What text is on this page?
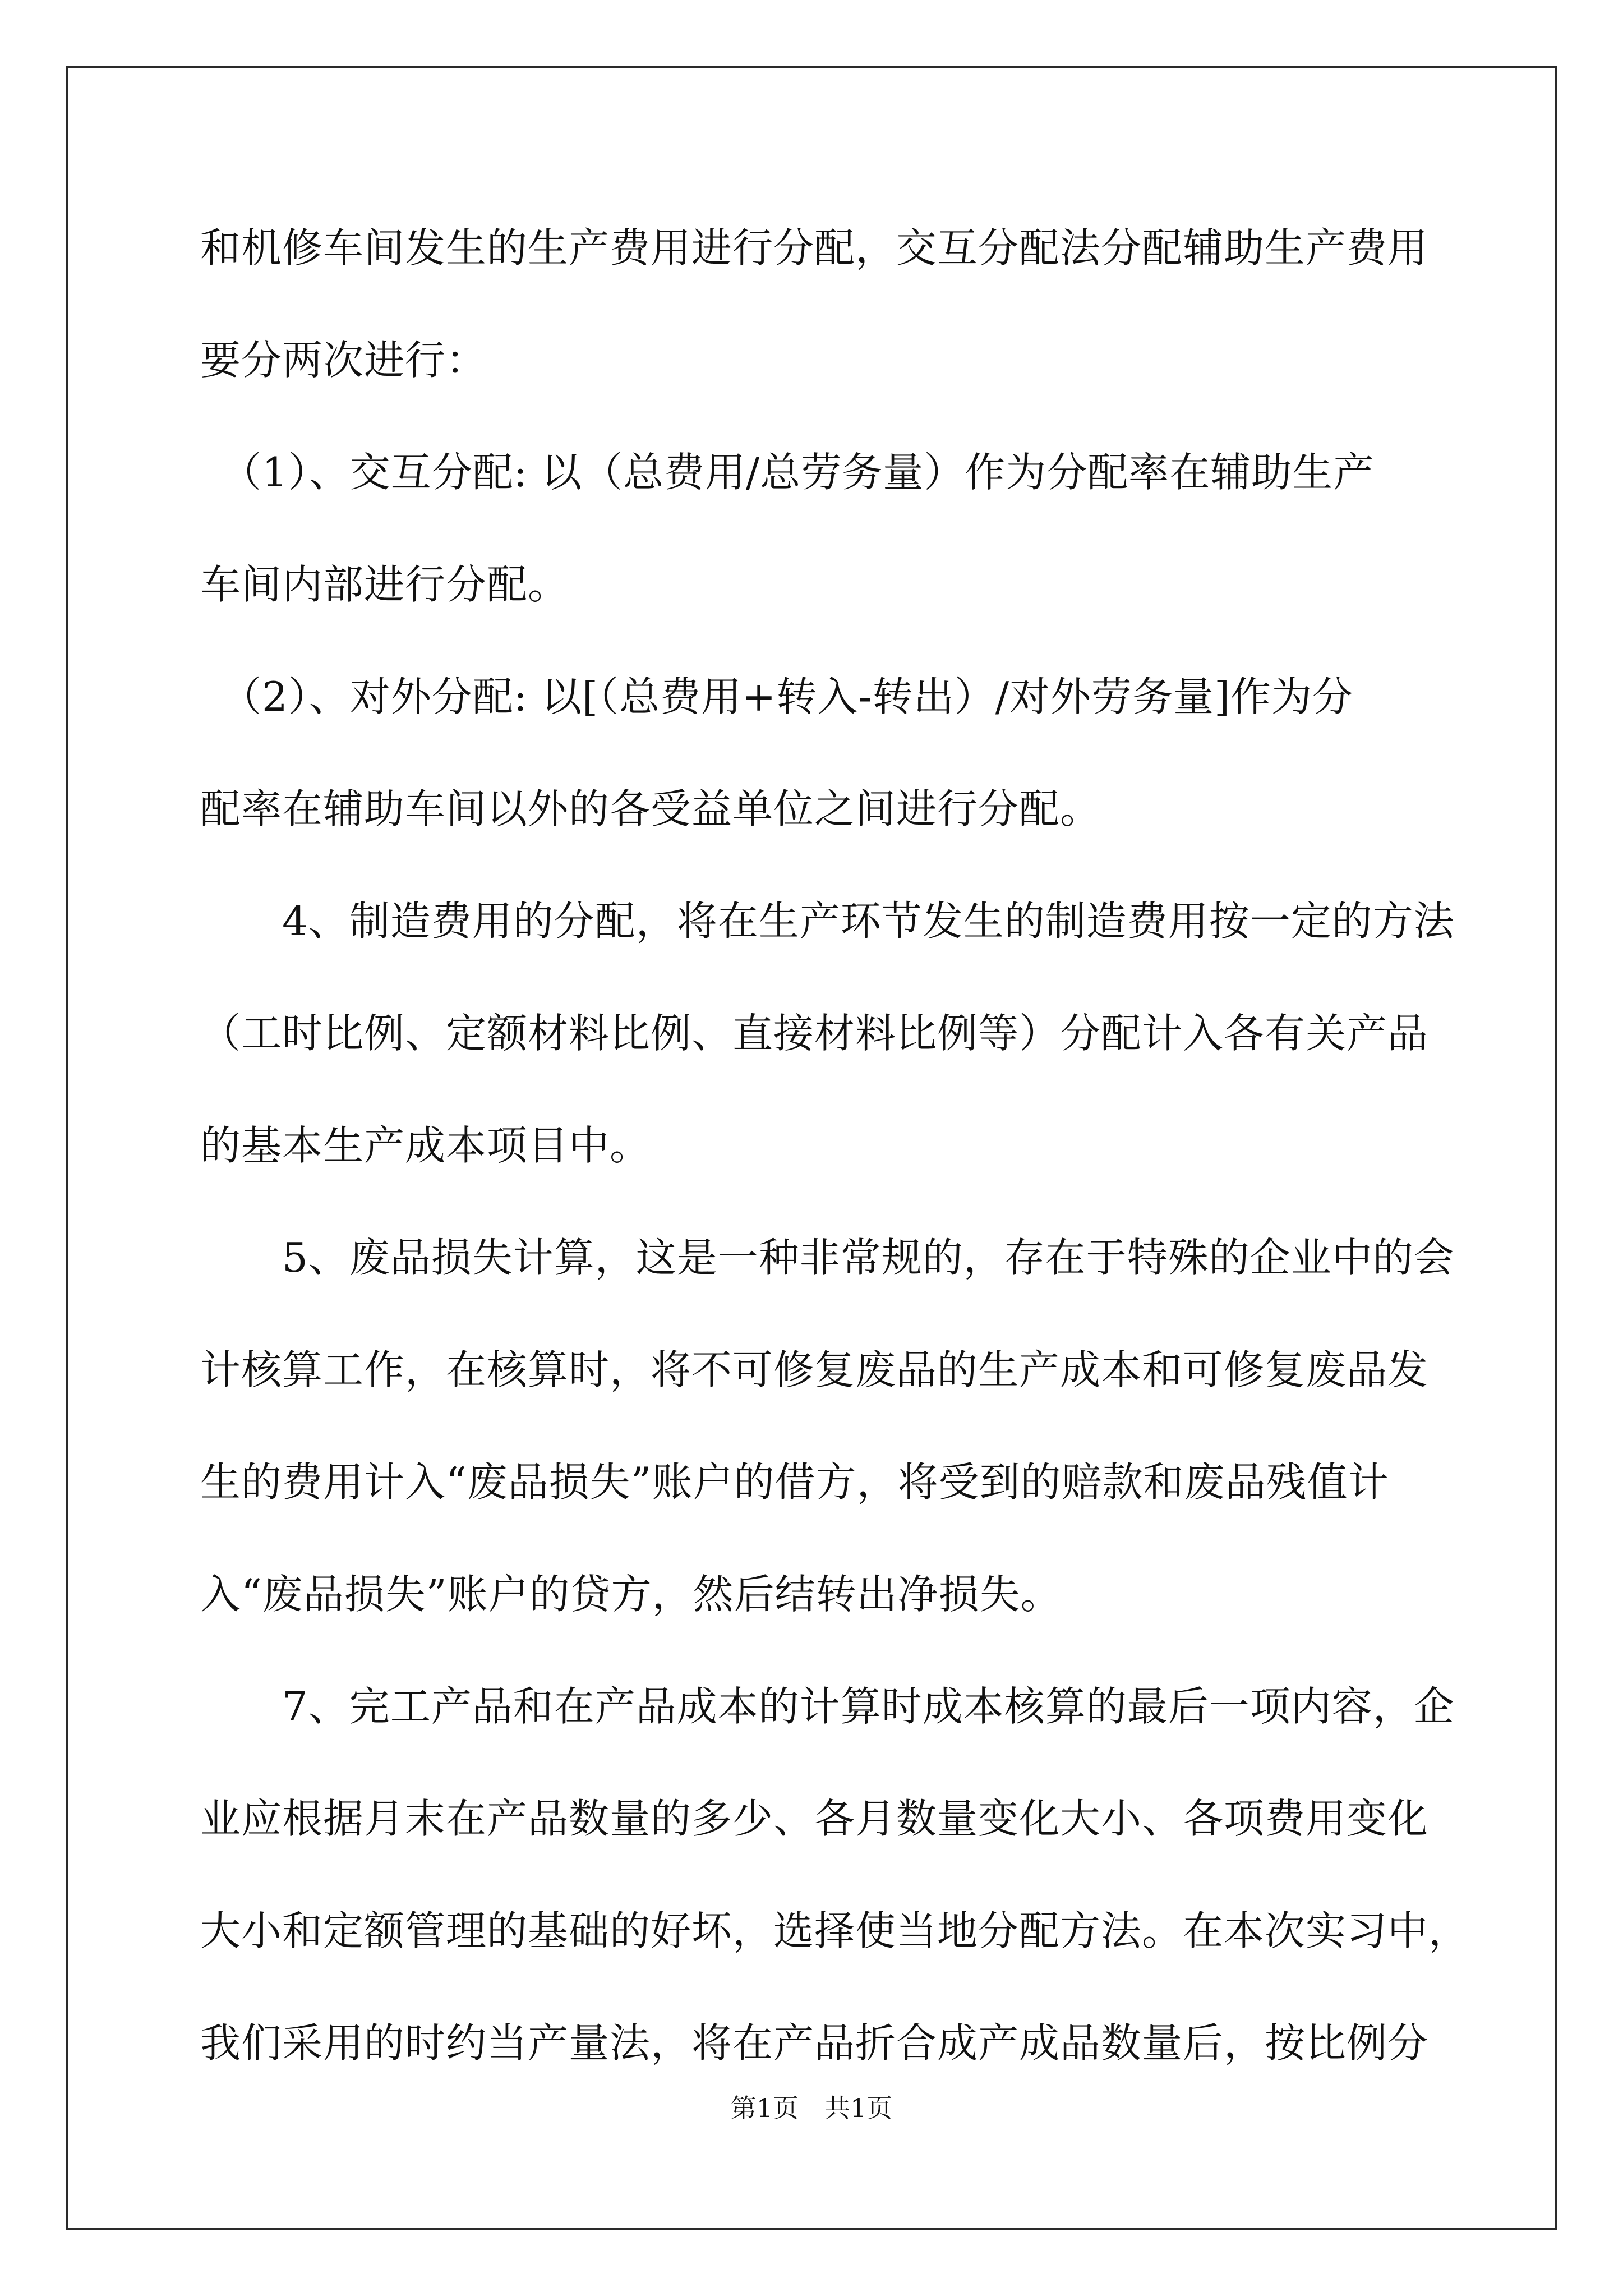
和机修车间发生的生产费用进行分配，交互分配法分配辅助生产费用
要分两次进行：
　（1）、交互分配: 以（总费用/总劳务量）作为分配率在辅助生产
车间内部进行分配。
　（2）、对外分配: 以[（总费用+转入-转出）/对外劳务量]作为分
配率在辅助车间以外的各受益单位之间进行分配。
　　4、制造费用的分配，将在生产环节发生的制造费用按一定的方法
（工时比例、定额材料比例、直接材料比例等）分配计入各有关产品
的基本生产成本项目中。
　　5、废品损失计算，这是一种非常规的，存在于特殊的企业中的会
计核算工作，在核算时，将不可修复废品的生产成本和可修复废品发
生的费用计入“废品损失”账户的借方，将受到的赔款和废品残值计
入“废品损失”账户的贷方，然后结转出净损失。
　　7、完工产品和在产品成本的计算时成本核算的最后一项内容，企
业应根据月末在产品数量的多少、各月数量变化大小、各项费用变化
大小和定额管理的基础的好坏，选择使当地分配方法。在本次实习中，
我们采用的时约当产量法，将在产品折合成产成品数量后，按比例分
第1页　共1页
